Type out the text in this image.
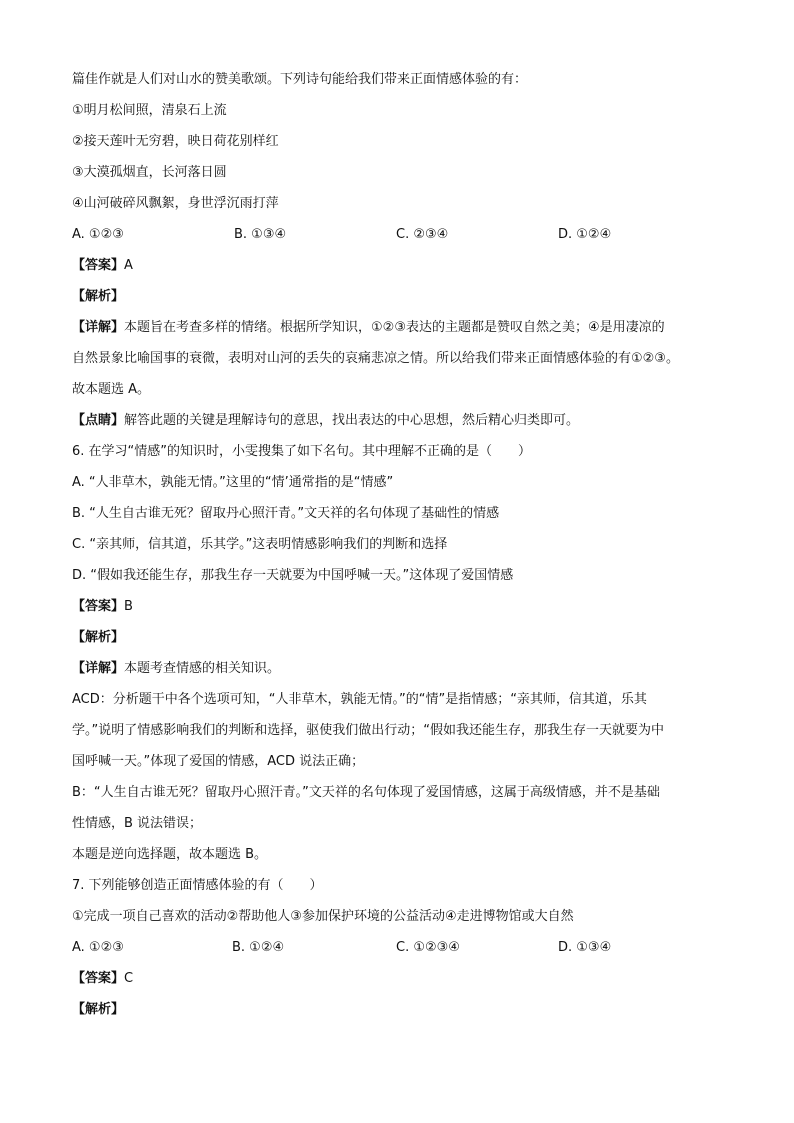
篇佳作就是人们对山水的赞美歌颂。下列诗句能给我们带来正面情感体验的有：
①明月松间照，清泉石上流
②接天莲叶无穷碧，映日荷花别样红
③大漠孤烟直，长河落日圆
④山河破碎风飘絮，身世浮沉雨打萍
A. ①②③	B. ①③④	C. ②③④	D. ①②④
【答案】A
【解析】
【详解】本题旨在考查多样的情绪。根据所学知识，①②③表达的主题都是赞叹自然之美；④是用凄凉的
自然景象比喻国事的衰微，表明对山河的丢失的哀痛悲凉之情。所以给我们带来正面情感体验的有①②③。
故本题选 A。
【点睛】解答此题的关键是理解诗句的意思，找出表达的中心思想，然后精心归类即可。
6. 在学习“情感”的知识时，小雯搜集了如下名句。其中理解不正确的是（　　）
A. “人非草木，孰能无情。”这里的“情’通常指的是“情感”
B. “人生自古谁无死？留取丹心照汗青。”文天祥的名句体现了基础性的情感
C. “亲其师，信其道，乐其学。”这表明情感影响我们的判断和选择
D. “假如我还能生存，那我生存一天就要为中国呼喊一天。”这体现了爱国情感
【答案】B
【解析】
【详解】本题考查情感的相关知识。
ACD：分析题干中各个选项可知，“人非草木，孰能无情。”的“情”是指情感；“亲其师，信其道，乐其
学。”说明了情感影响我们的判断和选择，驱使我们做出行动；“假如我还能生存，那我生存一天就要为中
国呼喊一天。”体现了爱国的情感，ACD 说法正确；
B：“人生自古谁无死？留取丹心照汗青。”文天祥的名句体现了爱国情感，这属于高级情感，并不是基础
性情感，B 说法错误；
本题是逆向选择题，故本题选 B。
7. 下列能够创造正面情感体验的有（　　）
①完成一项自己喜欢的活动②帮助他人③参加保护环境的公益活动④走进博物馆或大自然
A. ①②③	B. ①②④	C. ①②③④	D. ①③④
【答案】C
【解析】
